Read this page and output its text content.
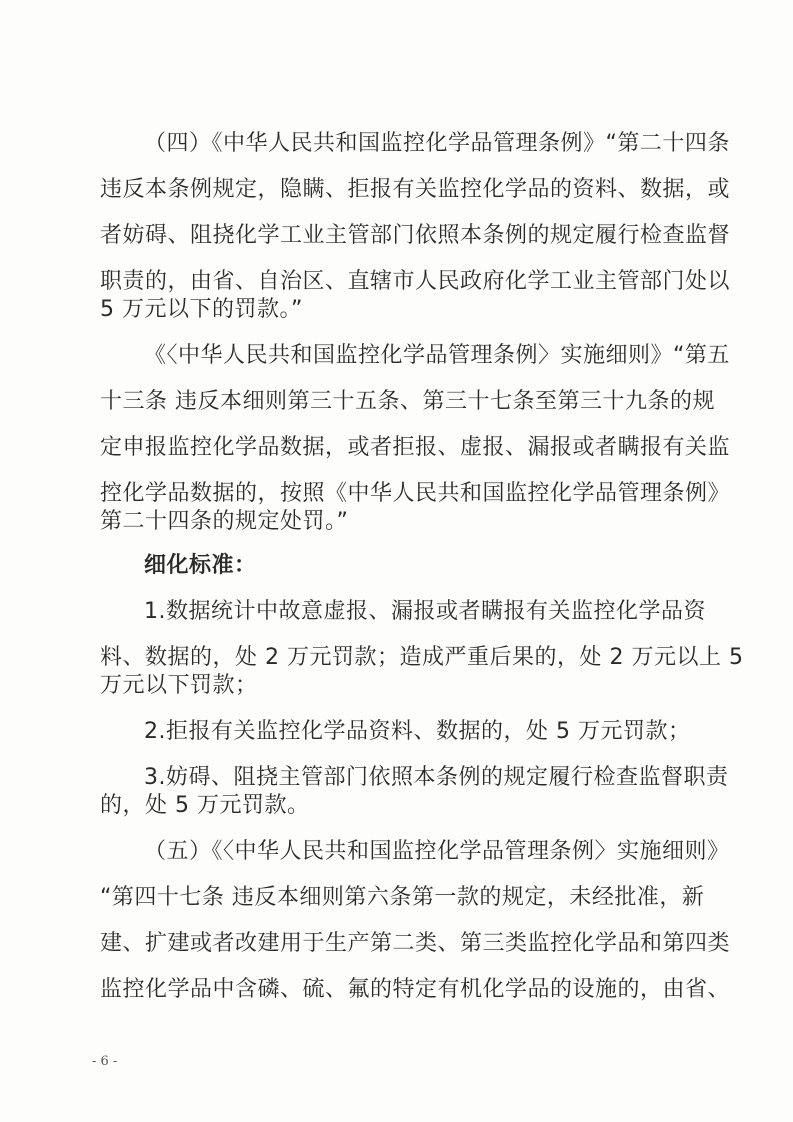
（四）《中华人民共和国监控化学品管理条例》“第二十四条
违反本条例规定，隐瞒、拒报有关监控化学品的资料、数据，或
者妨碍、阻挠化学工业主管部门依照本条例的规定履行检查监督
职责的，由省、自治区、直辖市人民政府化学工业主管部门处以
5 万元以下的罚款。”
《〈中华人民共和国监控化学品管理条例〉实施细则》“第五
十三条 违反本细则第三十五条、第三十七条至第三十九条的规
定申报监控化学品数据，或者拒报、虚报、漏报或者瞒报有关监
控化学品数据的，按照《中华人民共和国监控化学品管理条例》
第二十四条的规定处罚。”
细化标准：
1.数据统计中故意虚报、漏报或者瞒报有关监控化学品资
料、数据的，处 2 万元罚款；造成严重后果的，处 2 万元以上 5
万元以下罚款；
2.拒报有关监控化学品资料、数据的，处 5 万元罚款；
3.妨碍、阻挠主管部门依照本条例的规定履行检查监督职责
的，处 5 万元罚款。
（五）《〈中华人民共和国监控化学品管理条例〉实施细则》
“第四十七条 违反本细则第六条第一款的规定，未经批准，新
建、扩建或者改建用于生产第二类、第三类监控化学品和第四类
监控化学品中含磷、硫、氟的特定有机化学品的设施的，由省、
- 6 -
